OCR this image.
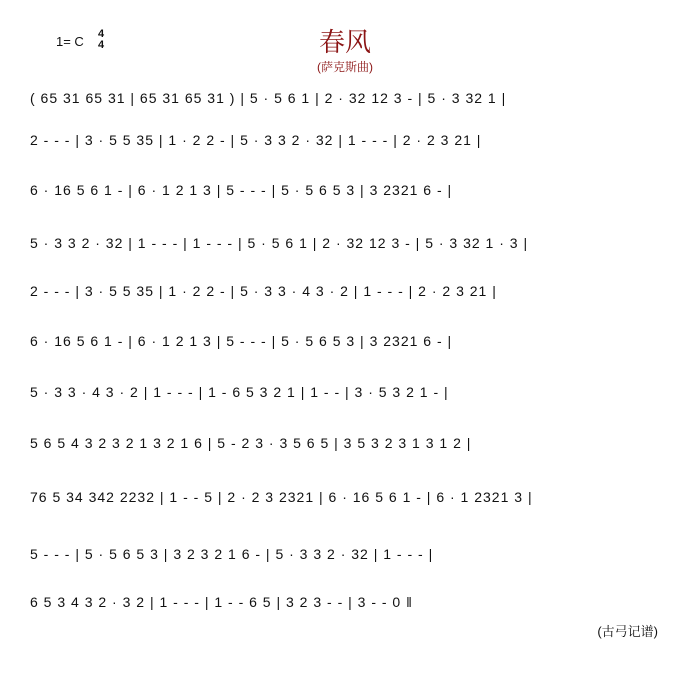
1= C 4
4	春风
(萨克斯曲)
( 65 31 65 31 | 65 31 65 31 ) | 5 · 5 6 1 | 2 · 32 12 3 - | 5 · 3 32 1 |
2 - - - | 3 · 5 5 35 | 1 · 2 2 - | 5 · 3 3 2 · 32 | 1 - - - | 2 · 2 3 21 |
6 · 16 5 6 1 - | 6 · 1 2 1 3 | 5 - - - | 5 · 5 6 5 3 | 3 2321 6 - |
5 · 3 3 2 · 32 | 1 - - - | 1 - - - | 5 · 5 6 1 | 2 · 32 12 3 - | 5 · 3 32 1 · 3 |
2 - - - | 3 · 5 5 35 | 1 · 2 2 - | 5 · 3 3 · 4 3 · 2 | 1 - - - | 2 · 2 3 21 |
6 · 16 5 6 1 - | 6 · 1 2 1 3 | 5 - - - | 5 · 5 6 5 3 | 3 2321 6 - |
5 · 3 3 · 4 3 · 2 | 1 - - - | 1 - 6 5 3 2 1 | 1 - - | 3 · 5 3 2 1 - |
5 6 5 4 3 2 3 2 1 3 2 1 6 | 5 - 2 3 · 3 5 6 5 | 3 5 3 2 3 1 3 1 2 |
76 5 34 342 2232 | 1 - - 5 | 2 · 2 3 2321 | 6 · 16 5 6 1 - | 6 · 1 2321 3 |
5 - - - | 5 · 5 6 5 3 | 3 2 3 2 1 6 - | 5 · 3 3 2 · 32 | 1 - - - |
6 5 3 4 3 2 · 3 2 | 1 - - - | 1 - - 6 5 | 3 2 3 - - | 3 - - 0 ‖
(古弓记谱)
